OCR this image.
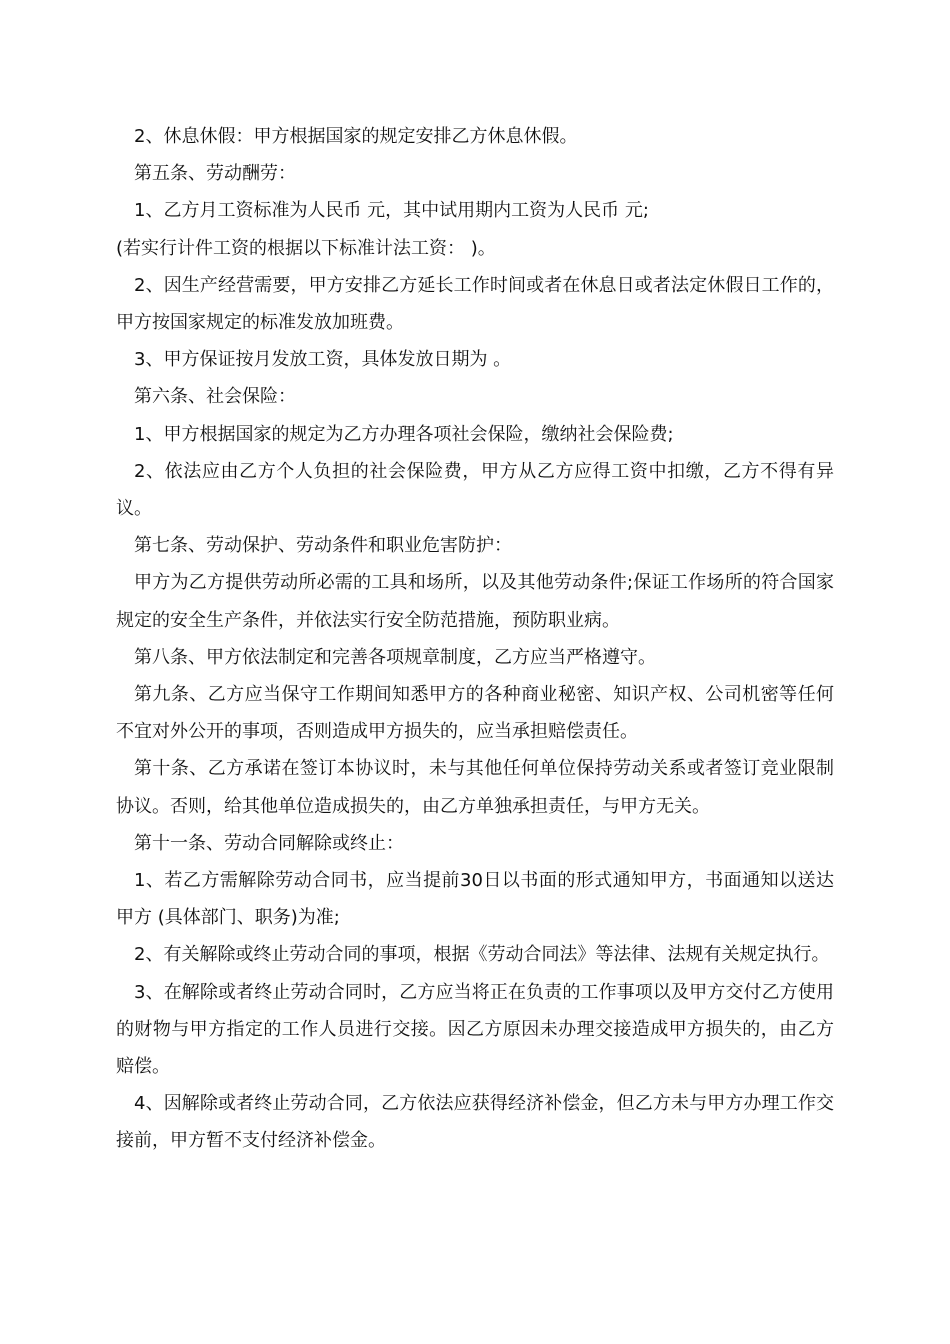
2、休息休假：甲方根据国家的规定安排乙方休息休假。

第五条、劳动酬劳：

1、乙方月工资标准为人民币 元，其中试用期内工资为人民币 元;

(若实行计件工资的根据以下标准计法工资： )。

2、因生产经营需要，甲方安排乙方延长工作时间或者在休息日或者法定休假日工作的，甲方按国家规定的标准发放加班费。

3、甲方保证按月发放工资，具体发放日期为 。

第六条、社会保险：

1、甲方根据国家的规定为乙方办理各项社会保险，缴纳社会保险费;

2、依法应由乙方个人负担的社会保险费，甲方从乙方应得工资中扣缴，乙方不得有异议。

第七条、劳动保护、劳动条件和职业危害防护：

甲方为乙方提供劳动所必需的工具和场所，以及其他劳动条件;保证工作场所的符合国家规定的安全生产条件，并依法实行安全防范措施，预防职业病。

第八条、甲方依法制定和完善各项规章制度，乙方应当严格遵守。

第九条、乙方应当保守工作期间知悉甲方的各种商业秘密、知识产权、公司机密等任何不宜对外公开的事项，否则造成甲方损失的，应当承担赔偿责任。

第十条、乙方承诺在签订本协议时，未与其他任何单位保持劳动关系或者签订竞业限制协议。否则，给其他单位造成损失的，由乙方单独承担责任，与甲方无关。

第十一条、劳动合同解除或终止：

1、若乙方需解除劳动合同书，应当提前30日以书面的形式通知甲方，书面通知以送达甲方 (具体部门、职务)为准;

2、有关解除或终止劳动合同的事项，根据《劳动合同法》等法律、法规有关规定执行。

3、在解除或者终止劳动合同时，乙方应当将正在负责的工作事项以及甲方交付乙方使用的财物与甲方指定的工作人员进行交接。因乙方原因未办理交接造成甲方损失的，由乙方赔偿。

4、因解除或者终止劳动合同，乙方依法应获得经济补偿金，但乙方未与甲方办理工作交接前，甲方暂不支付经济补偿金。
